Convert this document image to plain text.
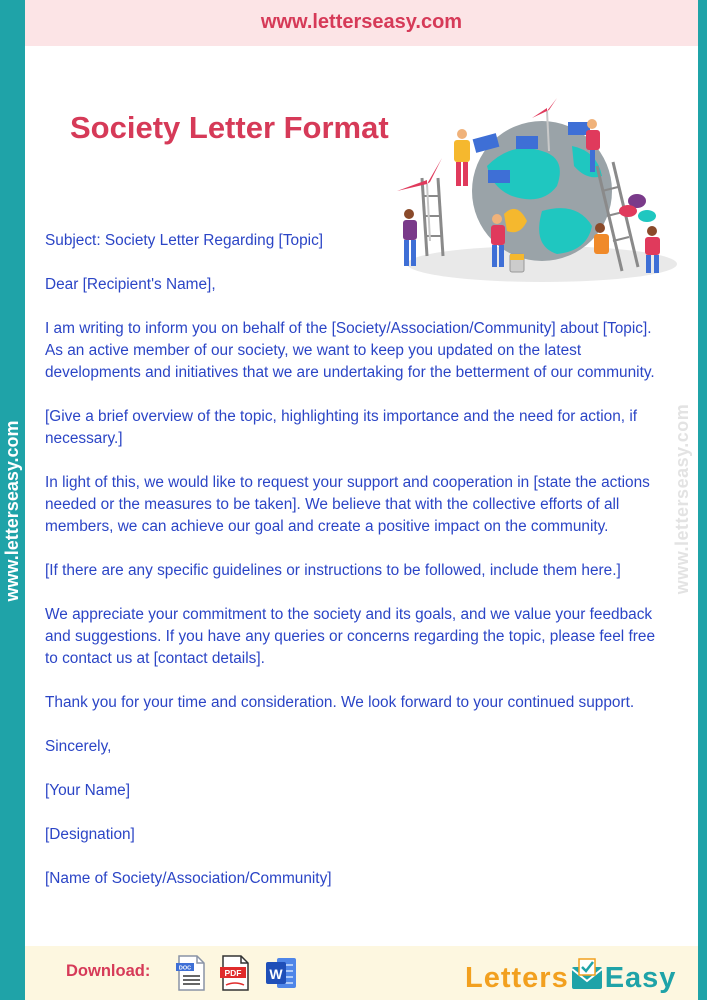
www.letterseasy.com	www.letterseasy.com
www.letterseasy.com
Society Letter Format

Subject: Society Letter Regarding [Topic]

Dear [Recipient's Name],

I am writing to inform you on behalf of the [Society/Association/Community] about [Topic]. As an active member of our society, we want to keep you updated on the latest developments and initiatives that we are undertaking for the betterment of our community.

[Give a brief overview of the topic, highlighting its importance and the need for action, if necessary.]

In light of this, we would like to request your support and cooperation in [state the actions needed or the measures to be taken]. We believe that with the collective efforts of all members, we can achieve our goal and create a positive impact on the community.

[If there are any specific guidelines or instructions to be followed, include them here.]

We appreciate your commitment to the society and its goals, and we value your feedback and suggestions. If you have any queries or concerns regarding the topic, please feel free to contact us at [contact details].

Thank you for your time and consideration. We look forward to your continued support.

Sincerely,

[Your Name]

[Designation]

[Name of Society/Association/Community]

Download:	DOC	PDF W	Letters Easy
